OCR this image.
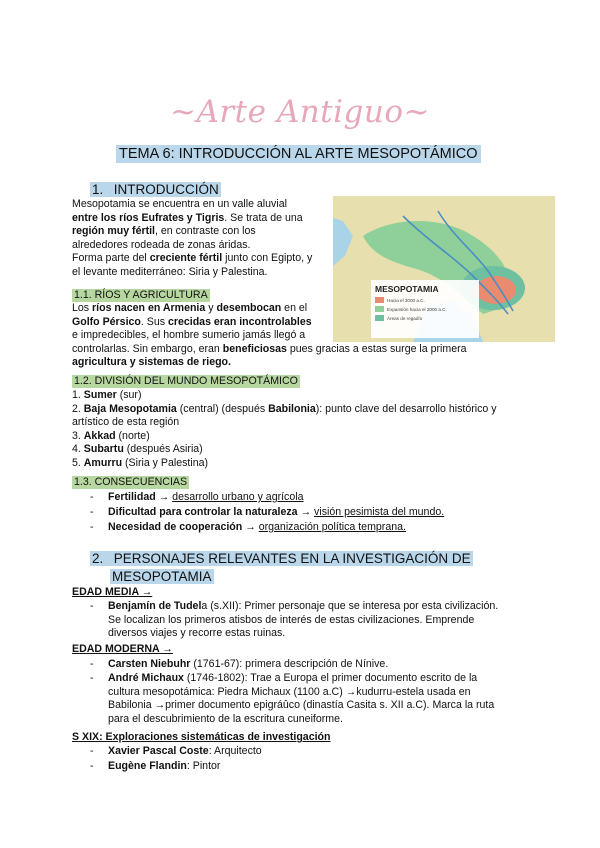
~Arte Antiguo~
TEMA 6: INTRODUCCIÓN AL ARTE MESOPOTÁMICO
1. INTRODUCCIÓN
Mesopotamia se encuentra en un valle aluvial
entre los ríos Eufrates y Tigris. Se trata de una
región muy fértil, en contraste con los
alrededores rodeada de zonas áridas.
Forma parte del creciente fértil junto con Egipto, y
el levante mediterráneo: Siria y Palestina.
MESOPOTAMIA
Hacia el 3000 a.C.
Expansión hacia el 2000 a.C.
Áreas de regadío
1.1. RÍOS Y AGRICULTURA
Los ríos nacen en Armenia y desembocan en el
Golfo Pérsico. Sus crecidas eran incontrolables
e impredecibles, el hombre sumerio jamás llegó a
controlarlas. Sin embargo, eran beneficiosas pues gracias a estas surge la primera
agricultura y sistemas de riego.
1.2. DIVISIÓN DEL MUNDO MESOPOTÁMICO
1. Sumer (sur)
2. Baja Mesopotamia (central) (después Babilonia): punto clave del desarrollo histórico y
artístico de esta región
3. Akkad (norte)
4. Subartu (después Asiria)
5. Amurru (Siria y Palestina)
1.3. CONSECUENCIAS
- Fertilidad → desarrollo urbano y agrícola
- Dificultad para controlar la naturaleza → visión pesimista del mundo.
- Necesidad de cooperación → organización política temprana.
2. PERSONAJES RELEVANTES EN LA INVESTIGACIÓN DE
MESOPOTAMIA
EDAD MEDIA →
- Benjamín de Tudela (s.XII): Primer personaje que se interesa por esta civilización.
Se localizan los primeros atisbos de interés de estas civilizaciones. Emprende
diversos viajes y recorre estas ruinas.
EDAD MODERNA →
- Carsten Niebuhr (1761-67): primera descripción de Nínive.
- André Michaux (1746-1802): Trae a Europa el primer documento escrito de la
cultura mesopotámica: Piedra Michaux (1100 a.C) →kudurru-estela usada en
Babilonia →primer documento epigráûco (dinastía Casita s. XII a.C). Marca la ruta
para el descubrimiento de la escritura cuneiforme.
S XIX: Exploraciones sistemáticas de investigación
- Xavier Pascal Coste: Arquitecto
- Eugène Flandin: Pintor
